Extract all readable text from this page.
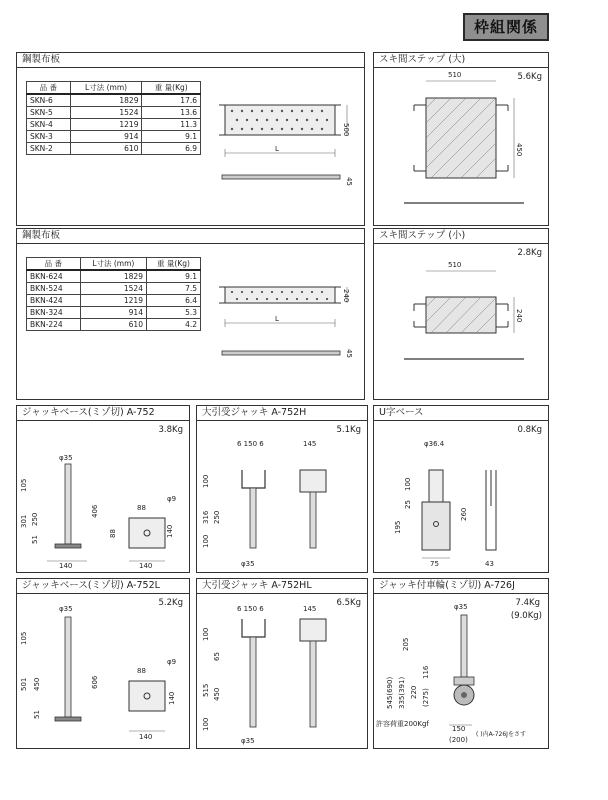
枠組関係
鋼製布板
品 番	L寸法 (mm)	重 量(Kg)
SKN-6	1829	17.6
SKN-5	1524	13.6
SKN-4	1219	11.3
SKN-3	914	9.1
SKN-2	610	6.9
500
L
45
スキ間ステップ (大)
5.6Kg
510
450
鋼製布板
品 番	L寸法 (mm)	重 量(Kg)
BKN-624	1829	9.1
BKN-524	1524	7.5
BKN-424	1219	6.4
BKN-324	914	5.3
BKN-224	610	4.2
240
L
45
スキ間ステップ (小)
2.8Kg
510
240
ジャッキベース(ミゾ切) A-752
3.8Kg
φ35
105
301 250
51
406
140
88
φ9
88	140
140
大引受ジャッキ A-752H
5.1Kg
6 150 6	145
100
316 250
100
φ35
U字ベース
0.8Kg
φ36.4
100
25
195
260
75	43
ジャッキベース(ミゾ切) A-752L
5.2Kg
φ35
105
501 450
51
606
88
φ9
140
140
大引受ジャッキ A-752HL
6.5Kg
6 150 6	145
100
65
515 450
100
φ35
ジャッキ付車輪(ミゾ切) A-726J
7.4Kg
(9.0Kg)
φ35
205
545(690) 335(391) 220
116
(275)
150
(200)
許容荷重200Kgf
( )内A-726Jをさす
